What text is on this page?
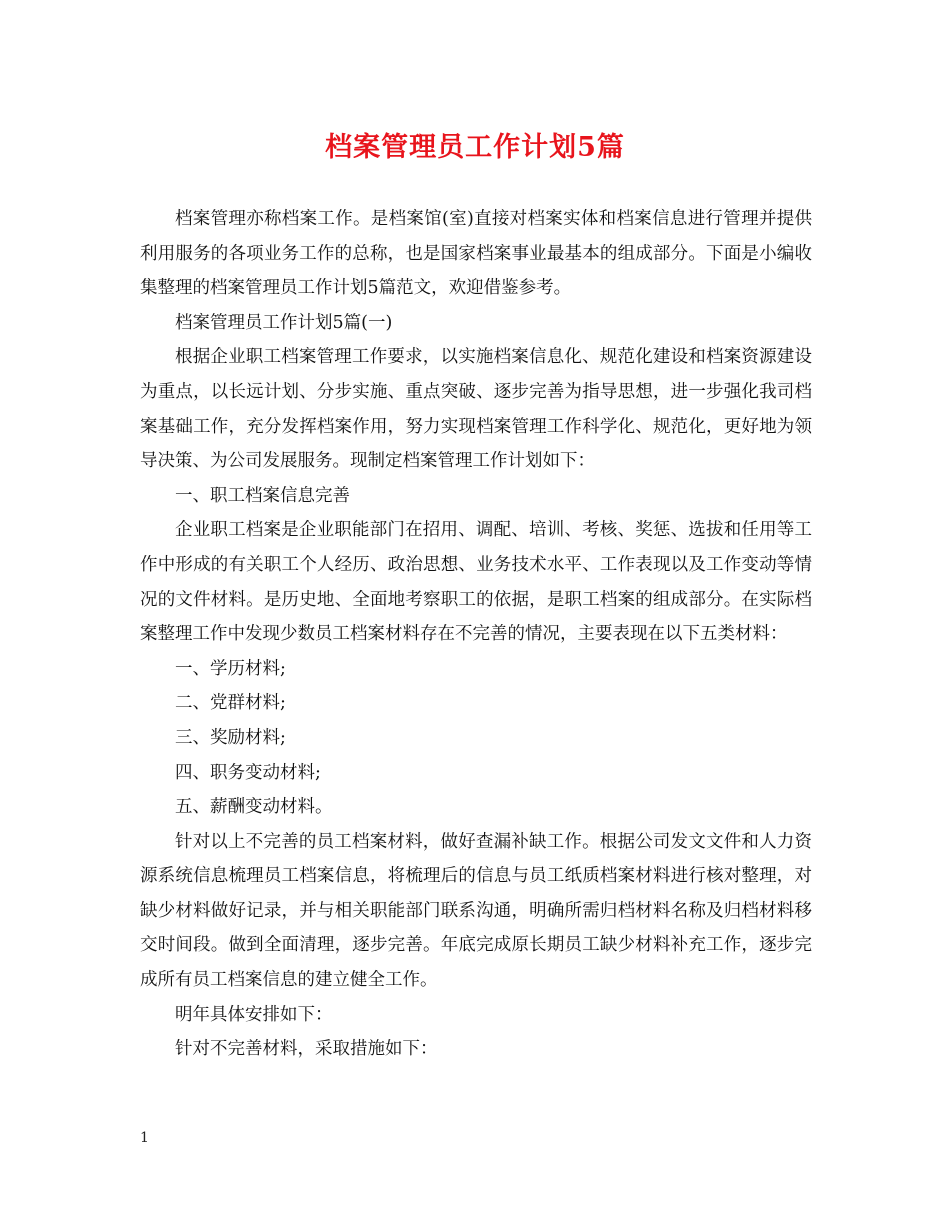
档案管理员工作计划5篇

档案管理亦称档案工作。是档案馆(室)直接对档案实体和档案信息进行管理并提供利用服务的各项业务工作的总称，也是国家档案事业最基本的组成部分。下面是小编收集整理的档案管理员工作计划5篇范文，欢迎借鉴参考。

档案管理员工作计划5篇(一)

根据企业职工档案管理工作要求，以实施档案信息化、规范化建设和档案资源建设为重点，以长远计划、分步实施、重点突破、逐步完善为指导思想，进一步强化我司档案基础工作，充分发挥档案作用，努力实现档案管理工作科学化、规范化，更好地为领导决策、为公司发展服务。现制定档案管理工作计划如下：

一、职工档案信息完善

企业职工档案是企业职能部门在招用、调配、培训、考核、奖惩、选拔和任用等工作中形成的有关职工个人经历、政治思想、业务技术水平、工作表现以及工作变动等情况的文件材料。是历史地、全面地考察职工的依据，是职工档案的组成部分。在实际档案整理工作中发现少数员工档案材料存在不完善的情况，主要表现在以下五类材料：

一、学历材料;

二、党群材料;

三、奖励材料;

四、职务变动材料;

五、薪酬变动材料。

针对以上不完善的员工档案材料，做好查漏补缺工作。根据公司发文文件和人力资源系统信息梳理员工档案信息，将梳理后的信息与员工纸质档案材料进行核对整理，对缺少材料做好记录，并与相关职能部门联系沟通，明确所需归档材料名称及归档材料移交时间段。做到全面清理，逐步完善。年底完成原长期员工缺少材料补充工作，逐步完成所有员工档案信息的建立健全工作。

明年具体安排如下：

针对不完善材料，采取措施如下：

1
